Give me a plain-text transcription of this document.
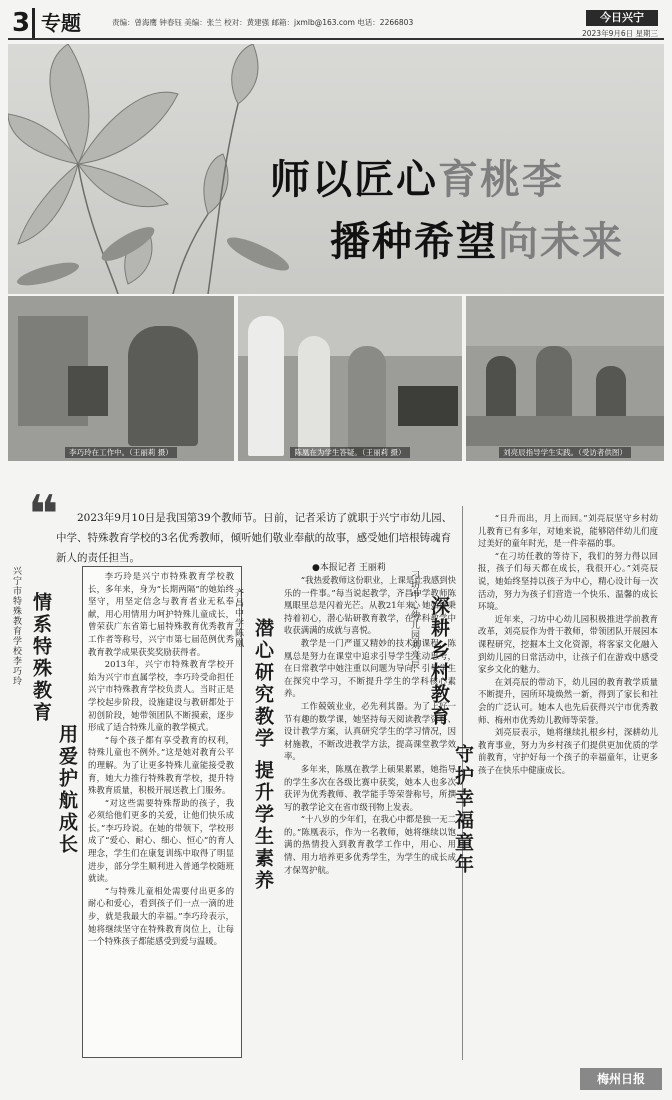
3 专题	责编：曾海鹰 钟春钰 美编：张兰 校对：黄建强 邮箱：jxmlb@163.com 电话：2266803	今日兴宁
2023年9月6日 星期三
师以匠心育桃李
播种希望向未来
李巧玲在工作中。（王丽莉 摄）	陈凰在为学生答疑。（王丽莉 摄）	刘亮辰指导学生实践。（受访者供图）
❝	2023年9月10日是我国第39个教师节。日前，记者采访了就职于兴宁市幼儿园、中学、特殊教育学校的3名优秀教师，倾听她们敬业奉献的故事，感受她们培根铸魂育新人的责任担当。
●本报记者 王丽莉
兴宁市特殊教育学校李巧玲 情系特殊教育
用爱护航成长

李巧玲是兴宁市特殊教育学校教长，多年来，身为“长期两隔”的她始终坚守，用坚定信念与教育者业无私奉献，用心用情用力呵护特殊儿童成长，曾荣获广东省第七届特殊教育优秀教育工作者等称号，兴宁市第七届范例优秀教育教学成果获奖奖励获得者。

2013年，兴宁市特殊教育学校开始为兴宁市直属学校，李巧玲受命担任兴宁市特殊教育学校负责人。当时正是学校起步阶段，设施建设与教研都处于初创阶段，她带领团队不断摸索，逐步形成了适合特殊儿童的教学模式。

“每个孩子都有享受教育的权利，特殊儿童也不例外。”这是她对教育公平的理解。为了让更多特殊儿童能接受教育，她大力推行特殊教育学校，提升特殊教育质量，积极开展送教上门服务。

“对这些需要特殊帮助的孩子，我必须给他们更多的关爱，让他们快乐成长。”李巧玲说。在她的带领下，学校形成了“爱心、耐心、细心、恒心”的育人理念，学生们在康复训练中取得了明显进步，部分学生顺利进入普通学校随班就读。

“与特殊儿童相处需要付出更多的耐心和爱心，看到孩子们一点一滴的进步，就是我最大的幸福。”李巧玲表示，她将继续坚守在特殊教育岗位上，让每一个特殊孩子都能感受到爱与温暖。

齐昌中学陈凰 潜心研究教学
提升学生素养

“我热爱教师这份职业，上课是让我感到快乐的一件事。”每当说起教学，齐昌中学教师陈凰眼里总是闪着光芒。从教21年来，她始终秉持着初心，潜心钻研教育教学，在学科教学中收获满满的成就与喜悦。

教学是一门严谨又精妙的技术的课程，陈凰总是努力在课堂中追求引导学生主动思考，在日常教学中她注重以问题为导向，引导学生在探究中学习，不断提升学生的学科核心素养。

工作兢兢业业，必先利其器。为了上好一节有趣的数学课，她坚持每天阅读教学资料、设计教学方案，认真研究学生的学习情况，因材施教，不断改进教学方法，提高课堂教学效率。

多年来，陈凰在教学上硕果累累，她指导的学生多次在各级比赛中获奖，她本人也多次获评为优秀教师、教学能手等荣誉称号，所撰写的教学论文在省市级刊物上发表。

“十八岁的少年们，在我心中都是独一无二的。”陈凰表示，作为一名教师，她将继续以饱满的热情投入到教育教学工作中，用心、用情、用力培养更多优秀学生，为学生的成长成才保驾护航。

刁坊中心幼儿园刘亮辰 深耕乡村教育
守护幸福童年

“日升而出，月上而回。”刘亮辰坚守乡村幼儿教育已有多年，对她来说，能够陪伴幼儿们度过美好的童年时光，是一件幸福的事。

“在刁坊任教的等待下，我们的努力得以回报，孩子们每天都在成长，我很开心。”刘亮辰说，她始终坚持以孩子为中心，精心设计每一次活动，努力为孩子们营造一个快乐、温馨的成长环境。

近年来，刁坊中心幼儿园积极推进学前教育改革，刘亮辰作为骨干教师，带领团队开展园本课程研究，挖掘本土文化资源，将客家文化融入到幼儿园的日常活动中，让孩子们在游戏中感受家乡文化的魅力。

在刘亮辰的带动下，幼儿园的教育教学质量不断提升，园所环境焕然一新，得到了家长和社会的广泛认可。她本人也先后获得兴宁市优秀教师、梅州市优秀幼儿教师等荣誉。

刘亮辰表示，她将继续扎根乡村，深耕幼儿教育事业，努力为乡村孩子们提供更加优质的学前教育，守护好每一个孩子的幸福童年，让更多孩子在快乐中健康成长。

梅州日报
